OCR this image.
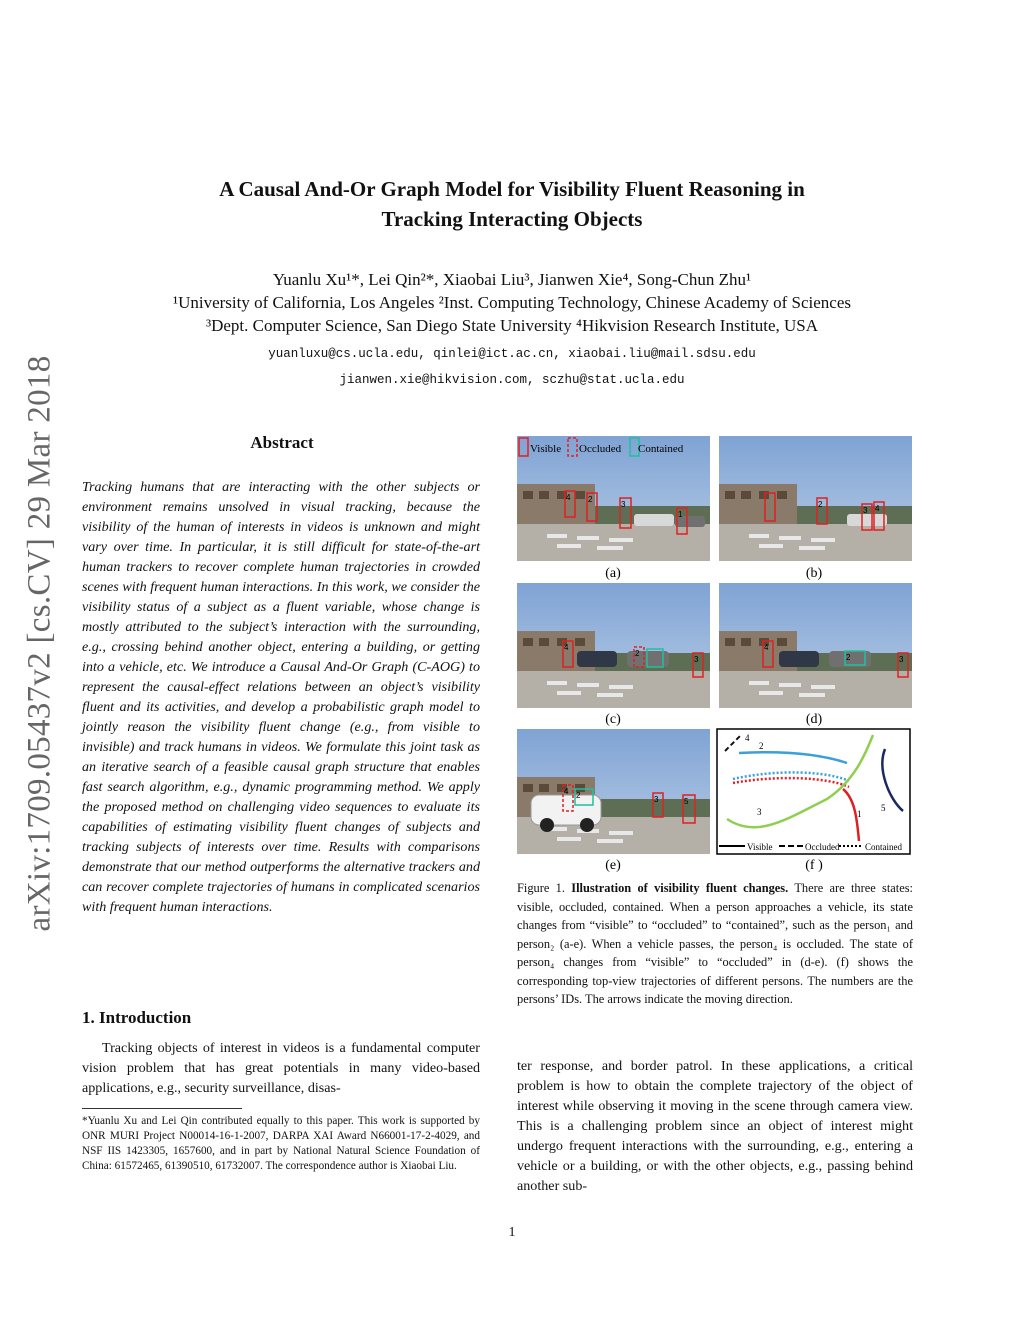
arXiv:1709.05437v2 [cs.CV] 29 Mar 2018
A Causal And-Or Graph Model for Visibility Fluent Reasoning in
Tracking Interacting Objects
Yuanlu Xu¹*, Lei Qin²*, Xiaobai Liu³, Jianwen Xie⁴, Song-Chun Zhu¹
¹University of California, Los Angeles ²Inst. Computing Technology, Chinese Academy of Sciences
³Dept. Computer Science, San Diego State University ⁴Hikvision Research Institute, USA
yuanluxu@cs.ucla.edu, qinlei@ict.ac.cn, xiaobai.liu@mail.sdsu.edu
jianwen.xie@hikvision.com, sczhu@stat.ucla.edu
Abstract
Tracking humans that are interacting with the other subjects or environment remains unsolved in visual tracking, because the visibility of the human of interests in videos is unknown and might vary over time. In particular, it is still difficult for state-of-the-art human trackers to recover complete human trajectories in crowded scenes with frequent human interactions. In this work, we consider the visibility status of a subject as a fluent variable, whose change is mostly attributed to the subject’s interaction with the surrounding, e.g., crossing behind another object, entering a building, or getting into a vehicle, etc. We introduce a Causal And-Or Graph (C-AOG) to represent the causal-effect relations between an object’s visibility fluent and its activities, and develop a probabilistic graph model to jointly reason the visibility fluent change (e.g., from visible to invisible) and track humans in videos. We formulate this joint task as an iterative search of a feasible causal graph structure that enables fast search algorithm, e.g., dynamic programming method. We apply the proposed method on challenging video sequences to evaluate its capabilities of estimating visibility fluent changes of subjects and tracking subjects of interests over time. Results with comparisons demonstrate that our method outperforms the alternative trackers and can recover complete trajectories of humans in complicated scenarios with frequent human interactions.
1. Introduction
Tracking objects of interest in videos is a fundamental computer vision problem that has great potentials in many video-based applications, e.g., security surveillance, disas-
*Yuanlu Xu and Lei Qin contributed equally to this paper. This work is supported by ONR MURI Project N00014-16-1-2007, DARPA XAI Award N66001-17-2-4029, and NSF IIS 1423305, 1657600, and in part by National Natural Science Foundation of China: 61572465, 61390510, 61732007. The correspondence author is Xiaobai Liu.
Visible Occluded Contained
4 2
3
1
2
3 4
4
2
3
4
2	3
4 2	3	5
4
2
3	1
5
Visible	Occluded	Contained
(a)	(b)
(c)	(d)
(e)	(f )
Figure 1. Illustration of visibility fluent changes. There are three states: visible, occluded, contained. When a person approaches a vehicle, its state changes from “visible” to “occluded” to “contained”, such as the person₁ and person₂ (a-e). When a vehicle passes, the person₄ is occluded. The state of person₄ changes from “visible” to “occluded” in (d-e). (f) shows the corresponding top-view trajectories of different persons. The numbers are the persons’ IDs. The arrows indicate the moving direction.
ter response, and border patrol. In these applications, a critical problem is how to obtain the complete trajectory of the object of interest while observing it moving in the scene through camera view. This is a challenging problem since an object of interest might undergo frequent interactions with the surrounding, e.g., entering a vehicle or a building, or with the other objects, e.g., passing behind another sub-
1
